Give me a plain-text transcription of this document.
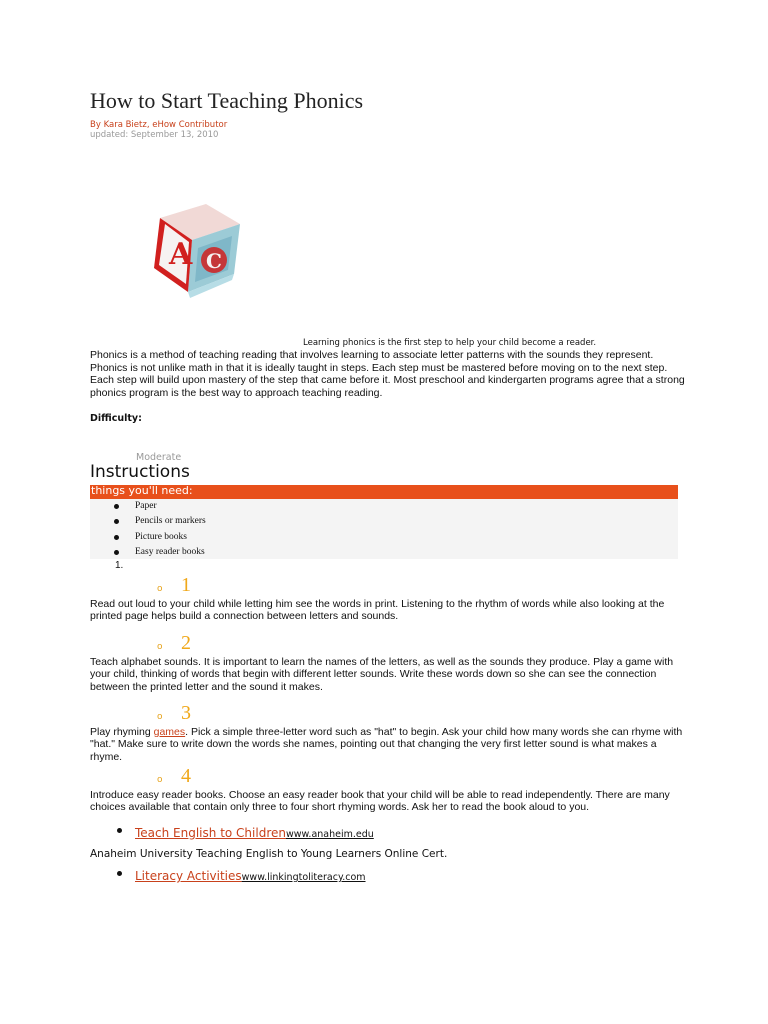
How to Start Teaching Phonics
By Kara Bietz, eHow Contributor
updated: September 13, 2010
A C
Learning phonics is the first step to help your child become a reader.

Phonics is a method of teaching reading that involves learning to associate letter patterns with the sounds they represent. Phonics is not unlike math in that it is ideally taught in steps. Each step must be mastered before moving on to the next step. Each step will build upon mastery of the step that came before it. Most preschool and kindergarten programs agree that a strong phonics program is the best way to approach teaching reading.

Difficulty:
Moderate
Instructions
things you'll need:
Paper
Pencils or markers
Picture books
Easy reader books
1.
o 1

Read out loud to your child while letting him see the words in print. Listening to the rhythm of words while also looking at the printed page helps build a connection between letters and sounds.

o 2

Teach alphabet sounds. It is important to learn the names of the letters, as well as the sounds they produce. Play a game with your child, thinking of words that begin with different letter sounds. Write these words down so she can see the connection between the printed letter and the sound it makes.

o 3

Play rhyming games. Pick a simple three-letter word such as "hat" to begin. Ask your child how many words she can rhyme with "hat." Make sure to write down the words she names, pointing out that changing the very first letter sound is what makes a rhyme.

o 4

Introduce easy reader books. Choose an easy reader book that your child will be able to read independently. There are many choices available that contain only three to four short rhyming words. Ask her to read the book aloud to you.

Teach English to Childrenwww.anaheim.edu
Anaheim University Teaching English to Young Learners Online Cert.
Literacy Activitieswww.linkingtoliteracy.com
